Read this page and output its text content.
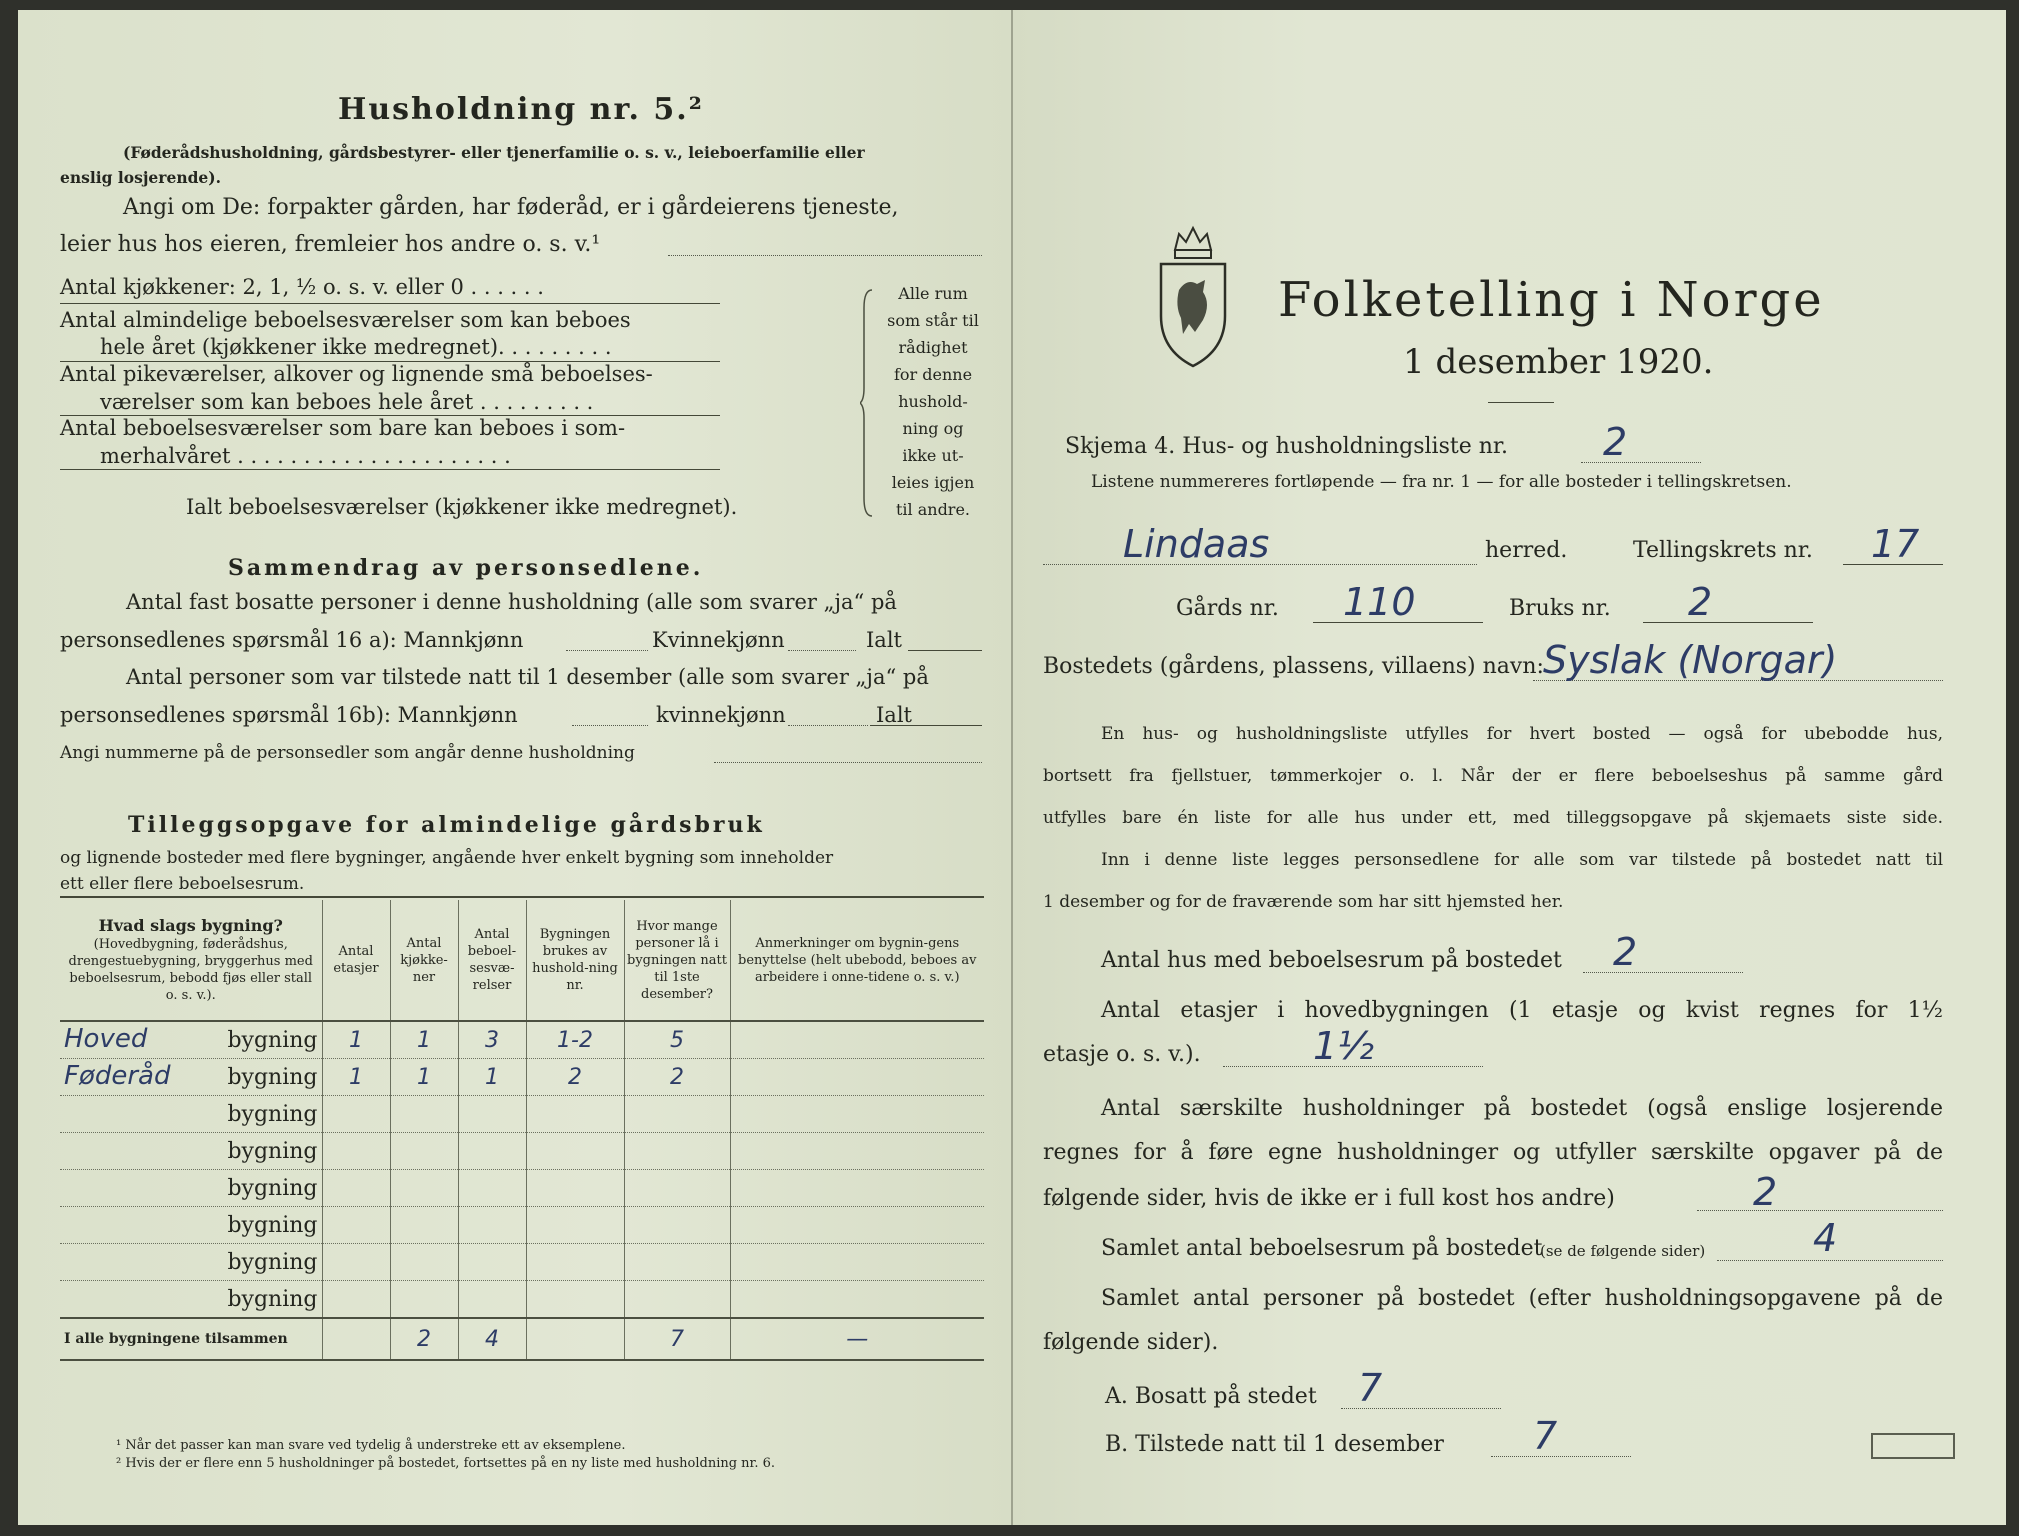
Husholdning nr. 5.²
(Føderådshusholdning, gårdsbestyrer- eller tjenerfamilie o. s. v., leieboerfamilie eller
enslig losjerende).
Angi om De: forpakter gården, har føderåd, er i gårdeierens tjeneste,
leier hus hos eieren, fremleier hos andre o. s. v.¹
Antal kjøkkener: 2, 1, ½ o. s. v. eller 0 . . . . . .
Antal almindelige beboelsesværelser som kan beboes
hele året (kjøkkener ikke medregnet). . . . . . . . .
Antal pikeværelser, alkover og lignende små beboelses-
værelser som kan beboes hele året . . . . . . . . .
Antal beboelsesværelser som bare kan beboes i som-
merhalvåret . . . . . . . . . . . . . . . . . . . . .
Ialt beboelsesværelser (kjøkkener ikke medregnet).
Alle rum
som står til
rådighet
for denne
hushold-
ning og
ikke ut-
leies igjen
til andre.
Sammendrag av personsedlene.
Antal fast bosatte personer i denne husholdning (alle som svarer „ja“ på
personsedlenes spørsmål 16 a): Mannkjønn	Kvinnekjønn	Ialt
Antal personer som var tilstede natt til 1 desember (alle som svarer „ja“ på
personsedlenes spørsmål 16b): Mannkjønn	kvinnekjønn	Ialt
Angi nummerne på de personsedler som angår denne husholdning
Tilleggsopgave for almindelige gårdsbruk
og lignende bosteder med flere bygninger, angående hver enkelt bygning som inneholder
ett eller flere beboelsesrum.
Hvad slags bygning?
(Hovedbygning, føderådshus, drengestuebygning, bryggerhus med beboelsesrum, bebodd fjøs eller stall o. s. v.).	Antal etasjer	Antal kjøkke-ner	Antal beboel-sesvæ-relser	Bygningen brukes av hushold-ning nr.	Hvor mange personer lå i bygningen natt til 1ste desember?	Anmerkninger om bygnin-gens benyttelse (helt ubebodd, beboes av arbeidere i onne-tidene o. s. v.)

Hoved bygning	1	1	3	1-2	5	

Føderåd bygning	1	1	1	2	2	

bygning						

bygning						

bygning						

bygning						

bygning						

bygning						

I alle bygningene tilsammen		2	4		7	—
¹ Når det passer kan man svare ved tydelig å understreke ett av eksemplene.
² Hvis der er flere enn 5 husholdninger på bostedet, fortsettes på en ny liste med husholdning nr. 6.
Folketelling i Norge
1 desember 1920.
Skjema 4. Hus- og husholdningsliste nr.	2
Listene nummereres fortløpende — fra nr. 1 — for alle bosteder i tellingskretsen.
Lindaas	herred.	Tellingskrets nr. 17
Gårds nr. 110	Bruks nr. 2
Bostedets (gårdens, plassens, villaens) navn: Syslak (Norgar)
En hus- og husholdningsliste utfylles for hvert bosted — også for ubebodde hus,
bortsett fra fjellstuer, tømmerkojer o. l. Når der er flere beboelseshus på samme gård
utfylles bare én liste for alle hus under ett, med tilleggsopgave på skjemaets siste side.
Inn i denne liste legges personsedlene for alle som var tilstede på bostedet natt til
1 desember og for de fraværende som har sitt hjemsted her.
Antal hus med beboelsesrum på bostedet 2
Antal etasjer i hovedbygningen (1 etasje og kvist regnes for 1½
etasje o. s. v.).	1½
Antal særskilte husholdninger på bostedet (også enslige losjerende
regnes for å føre egne husholdninger og utfyller særskilte opgaver på de
følgende sider, hvis de ikke er i full kost hos andre)	2
Samlet antal beboelsesrum på bostedet
(se de følgende sider)	4
Samlet antal personer på bostedet (efter husholdningsopgavene på de
følgende sider).
A. Bosatt på stedet 7
B. Tilstede natt til 1 desember 7
